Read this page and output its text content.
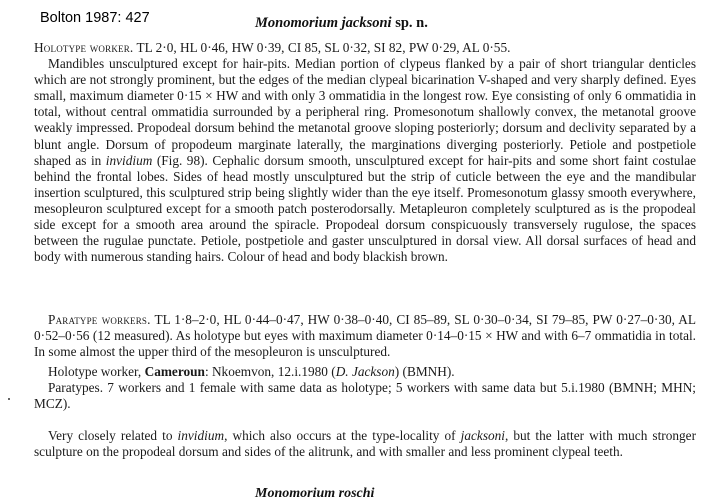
Bolton 1987: 427	Monomorium jacksoni sp. n.

Holotype worker. TL 2·0, HL 0·46, HW 0·39, CI 85, SL 0·32, SI 82, PW 0·29, AL 0·55.

Mandibles unsculptured except for hair-pits. Median portion of clypeus flanked by a pair of short triangular denticles which are not strongly prominent, but the edges of the median clypeal bicarination V-shaped and very sharply defined. Eyes small, maximum diameter 0·15 × HW and with only 3 ommatidia in the longest row. Eye consisting of only 6 ommatidia in total, without central ommatidia surrounded by a peripheral ring. Promesonotum shallowly convex, the metanotal groove weakly impressed. Propodeal dorsum behind the metanotal groove sloping posteriorly; dorsum and declivity separated by a blunt angle. Dorsum of propodeum marginate laterally, the marginations diverging posteriorly. Petiole and postpetiole shaped as in invidium (Fig. 98). Cephalic dorsum smooth, unsculptured except for hair-pits and some short faint costulae behind the frontal lobes. Sides of head mostly unsculptured but the strip of cuticle between the eye and the mandibular insertion sculptured, this sculptured strip being slightly wider than the eye itself. Promesonotum glassy smooth everywhere, mesopleuron sculptured except for a smooth patch posterodorsally. Metapleuron completely sculptured as is the propodeal side except for a smooth area around the spiracle. Propodeal dorsum conspicuously transversely rugulose, the spaces between the rugulae punctate. Petiole, postpetiole and gaster unsculptured in dorsal view. All dorsal surfaces of head and body with numerous standing hairs. Colour of head and body blackish brown.

Paratype workers. TL 1·8–2·0, HL 0·44–0·47, HW 0·38–0·40, CI 85–89, SL 0·30–0·34, SI 79–85, PW 0·27–0·30, AL 0·52–0·56 (12 measured). As holotype but eyes with maximum diameter 0·14–0·15 × HW and with 6–7 ommatidia in total. In some almost the upper third of the mesopleuron is unsculptured.

Holotype worker, Cameroun: Nkoemvon, 12.i.1980 (D. Jackson) (BMNH).

Paratypes. 7 workers and 1 female with same data as holotype; 5 workers with same data but 5.i.1980 (BMNH; MHN; MCZ).

Very closely related to invidium, which also occurs at the type-locality of jacksoni, but the latter with much stronger sculpture on the propodeal dorsum and sides of the alitrunk, and with smaller and less prominent clypeal teeth.

Monomorium roschi
